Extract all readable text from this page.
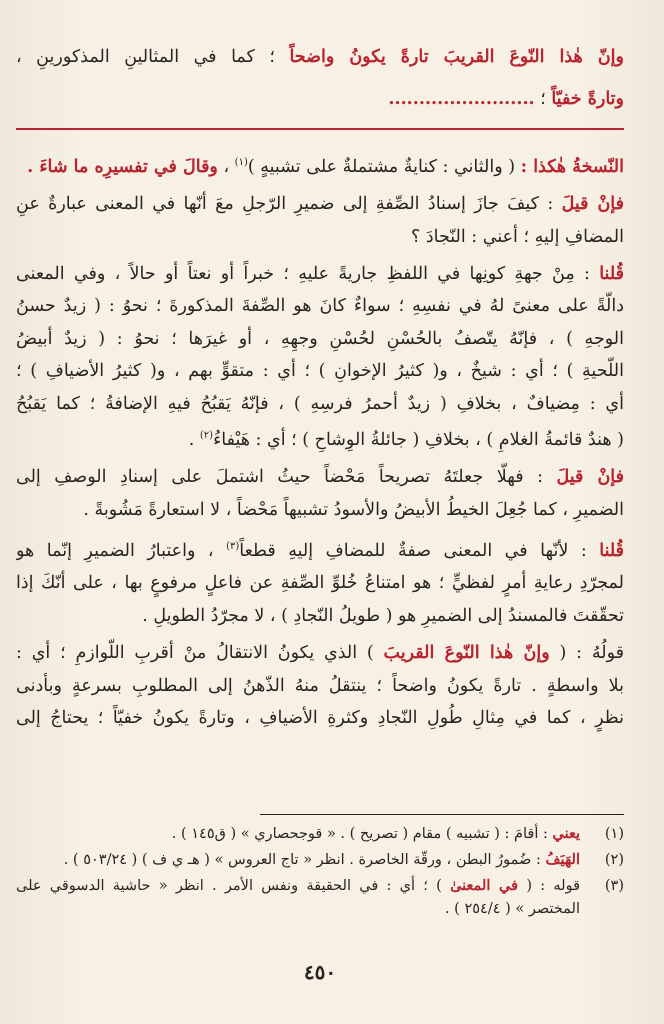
وإنّ هٰذا النّوعَ القريبَ تارةً يكونُ واضحاً ؛ كما في المثالينِ المذكورينِ ،
وتارةً خفيّاً ؛ ........................
النّسخةُ هٰكذا : ( والثاني : كنايةٌ مشتملةٌ على تشبيهٍ )$^{(١)}$ ، وقالَ في تفسيرِه ما شاءَ .
فإنْ قيلَ : كيفَ جازَ إسنادُ الصِّفةِ إلى ضميرِ الرّجلِ معَ أنّها في المعنى عبارةٌ عنِ
المضافِ إليهِ ؛ أعني : النّجادَ ؟
قُلنا : مِنْ جهةِ كونِها في اللفظِ جاريةً عليهِ ؛ خبراً أو نعتاً أو حالاً ، وفي المعنى
دالّةً على معنىً لهُ في نفسِهِ ؛ سواءٌ كانَ هو الصِّفةَ المذكورةَ ؛ نحوُ : ( زيدٌ حسنُ
الوجهِ ) ، فإنّهُ يتّصفُ بالحُسْنِ لحُسْنِ وجهِهِ ، أو غيرَها ؛ نحوُ : ( زيدٌ أبيضُ
اللّحيةِ ) ؛ أي : شيخٌ ، و( كثيرُ الإخوانِ ) ؛ أي : متقوٍّ بهم ، و( كثيرُ الأضيافِ ) ؛
أي : مِضيافٌ ، بخلافِ ( زيدٌ أحمرُ فرسِهِ ) ، فإنّهُ يَقبُحُ فيهِ الإضافةُ ؛ كما يَقبُحُ
( هندٌ قائمةُ الغلامِ ) ، بخلافِ ( جائلةُ الوِشاحِ ) ؛ أي : هَيْفاءُ$^{(٢)}$ .
فإنْ قيلَ : فهلّا جعلتَهُ تصريحاً مَحْضاً حيثُ اشتملَ على إسنادِ الوصفِ إلى
الضميرِ ، كما جُعِلَ الخيطُ الأبيضُ والأسودُ تشبيهاً مَحْضاً ، لا استعارةً مَشُوبةً .
قُلنا : لأنّها في المعنى صفةٌ للمضافِ إليهِ قطعاً$^{(٣)}$ ، واعتبارُ الضميرِ إنّما هو
لمجرّدِ رعايةِ أمرٍ لفظيٍّ ؛ هو امتناعُ خُلوِّ الصِّفةِ عن فاعلٍ مرفوعٍ بها ، على أنّكَ إذا
تحقّقتَ فالمسندُ إلى الضميرِ هو ( طويلُ النّجادِ ) ، لا مجرّدُ الطويلِ .
قولُهُ : ( وإنّ هٰذا النّوعَ القريبَ ) الذي يكونُ الانتقالُ منْ أقربِ اللّوازمِ ؛ أي :
بلا واسطةٍ . تارةً يكونُ واضحاً ؛ ينتقلُ منهُ الذّهنُ إلى المطلوبِ بسرعةٍ وبأدنى
نظرٍ ، كما في مِثالِ طُولِ النّجادِ وكثرةِ الأضيافِ ، وتارةً يكونُ خفيّاً ؛ يحتاجُ إلى
(١)يعني : أقامَ : ( تشبيه ) مقام ( تصريح ) . « قوجحصاري » ( ق١٤٥ ) .
(٢)الهَيَفُ : ضُمورُ البطن ، ورقّة الخاصرة . انظر « تاج العروس » ( هـ ي ف ) ( ٥٠٣/٢٤ ) .
(٣)قوله : ( في المعنىٰ ) ؛ أي : في الحقيقة ونفس الأمر . انظر « حاشية الدسوقي على
المختصر » ( ٢٥٤/٤ ) .
٤٥٠
